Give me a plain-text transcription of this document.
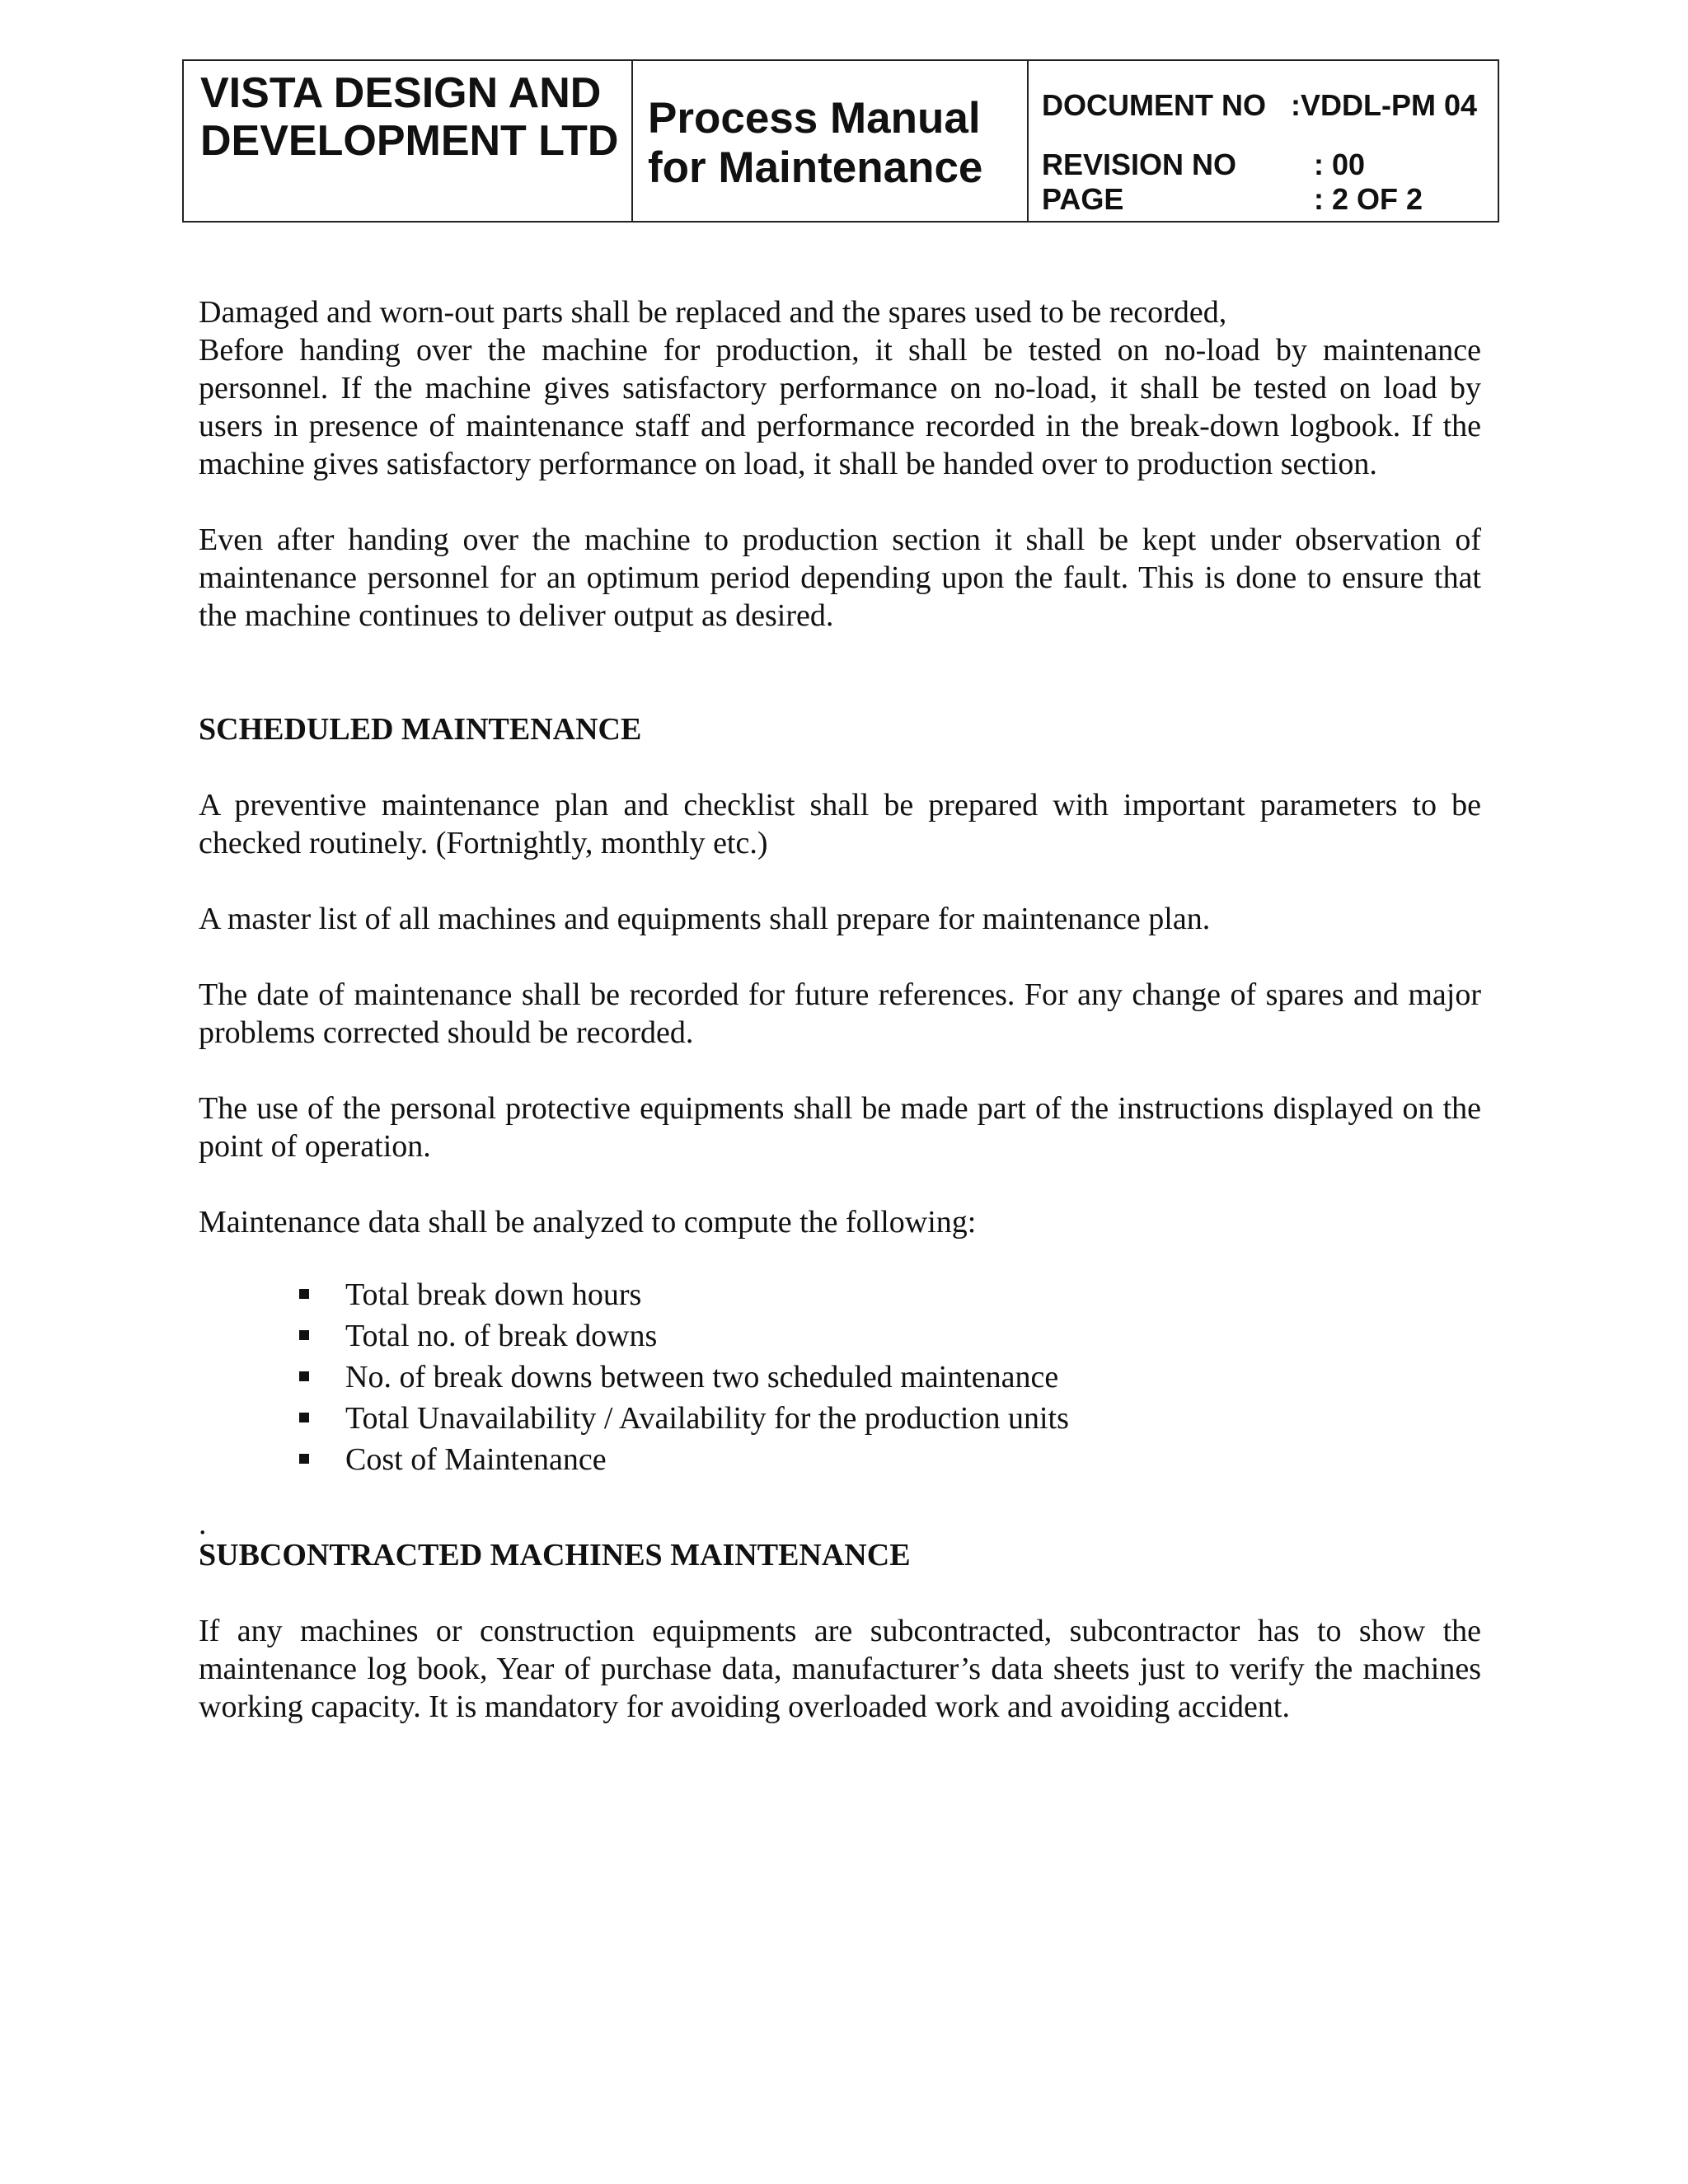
VISTA DESIGN AND DEVELOPMENT LTD Process Manual for Maintenance
DOCUMENT NO :VDDL-PM 04
REVISION NO	: 00
PAGE	: 2 OF 2

Damaged and worn-out parts shall be replaced and the spares used to be recorded,

Before handing over the machine for production, it shall be tested on no-load by maintenance personnel. If the machine gives satisfactory performance on no-load, it shall be tested on load by users in presence of maintenance staff and performance recorded in the break-down logbook. If the machine gives satisfactory performance on load, it shall be handed over to production section.

Even after handing over the machine to production section it shall be kept under observation of maintenance personnel for an optimum period depending upon the fault. This is done to ensure that the machine continues to deliver output as desired.

SCHEDULED MAINTENANCE

A preventive maintenance plan and checklist shall be prepared with important parameters to be checked routinely. (Fortnightly, monthly etc.)

A master list of all machines and equipments shall prepare for maintenance plan.

The date of maintenance shall be recorded for future references. For any change of spares and major problems corrected should be recorded.

The use of the personal protective equipments shall be made part of the instructions displayed on the point of operation.

Maintenance data shall be analyzed to compute the following:

Total break down hours
Total no. of break downs
No. of break downs between two scheduled maintenance
Total Unavailability / Availability for the production units
Cost of Maintenance

.

SUBCONTRACTED MACHINES MAINTENANCE

If any machines or construction equipments are subcontracted, subcontractor has to show the maintenance log book, Year of purchase data, manufacturer’s data sheets just to verify the machines working capacity. It is mandatory for avoiding overloaded work and avoiding accident.
